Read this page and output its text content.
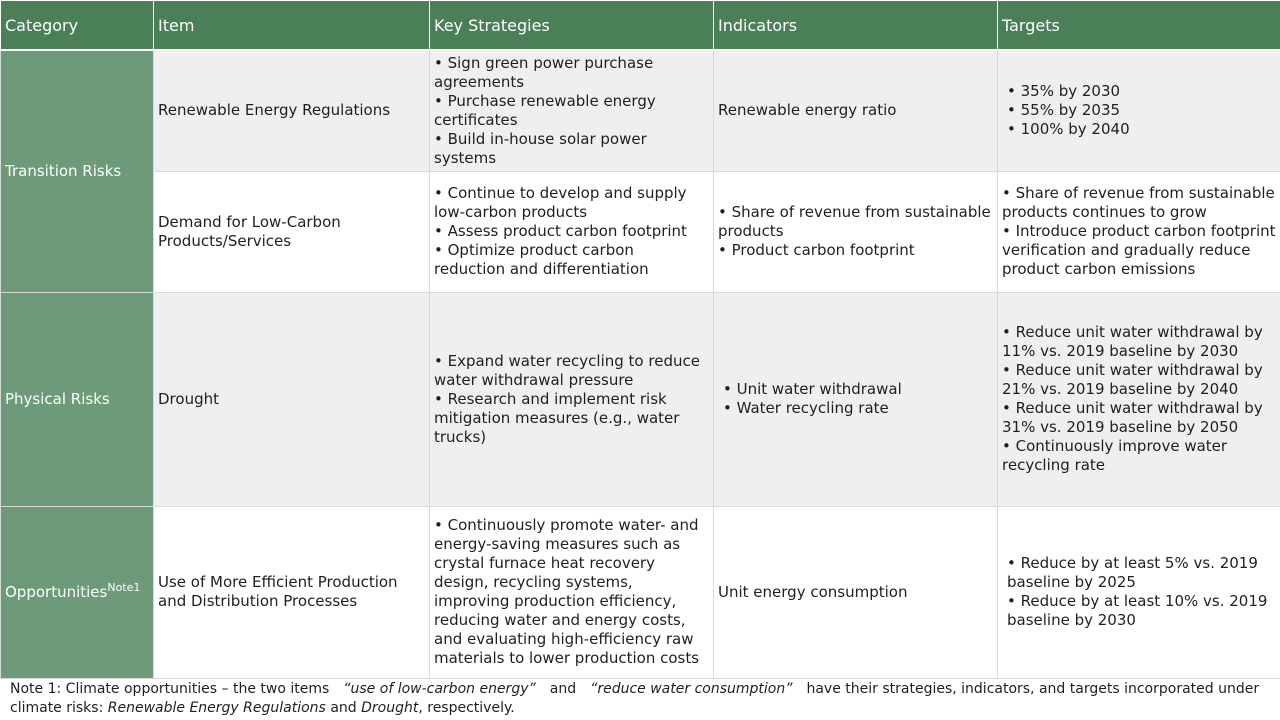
Category	Item	Key Strategies	Indicators	Targets
Transition Risks	Renewable Energy Regulations	• Sign green power purchase agreements
• Purchase renewable energy certificates
• Build in-house solar power systems	Renewable energy ratio	• 35% by 2030
• 55% by 2035
• 100% by 2040

	Demand for Low-Carbon Products/Services	• Continue to develop and supply low-carbon products
• Assess product carbon footprint
• Optimize product carbon reduction and differentiation	• Share of revenue from sustainable products
• Product carbon footprint	• Share of revenue from sustainable products continues to grow
• Introduce product carbon footprint verification and gradually reduce product carbon emissions

Physical Risks	Drought	• Expand water recycling to reduce water withdrawal pressure
• Research and implement risk mitigation measures (e.g., water trucks)	• Unit water withdrawal
• Water recycling rate	• Reduce unit water withdrawal by 11% vs. 2019 baseline by 2030
• Reduce unit water withdrawal by 21% vs. 2019 baseline by 2040
• Reduce unit water withdrawal by 31% vs. 2019 baseline by 2050
• Continuously improve water recycling rate

Opportunities$^{Note1}$	Use of More Efficient Production and Distribution Processes	• Continuously promote water- and energy-saving measures such as crystal furnace heat recovery design, recycling systems, improving production efficiency, reducing water and energy costs, and evaluating high-efficiency raw materials to lower production costs	Unit energy consumption	• Reduce by at least 5% vs. 2019 baseline by 2025
• Reduce by at least 10% vs. 2019 baseline by 2030
Note 1: Climate opportunities – the two items “use of low-carbon energy” and “reduce water consumption” have their strategies, indicators, and targets incorporated under climate risks: Renewable Energy Regulations and Drought, respectively.
